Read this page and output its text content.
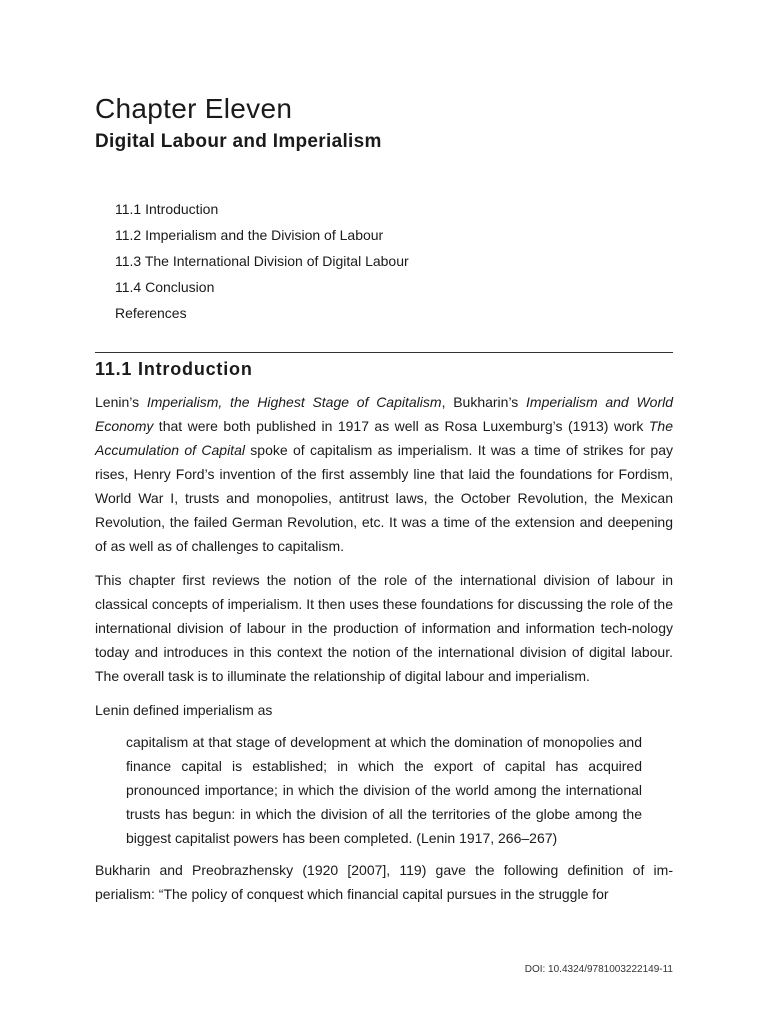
Chapter Eleven
Digital Labour and Imperialism
11.1 Introduction
11.2 Imperialism and the Division of Labour
11.3 The International Division of Digital Labour
11.4 Conclusion
References
11.1 Introduction

Lenin’s Imperialism, the Highest Stage of Capitalism, Bukharin’s Imperialism and World Economy that were both published in 1917 as well as Rosa Luxemburg’s (1913) work The Accumulation of Capital spoke of capitalism as imperialism. It was a time of strikes for pay rises, Henry Ford’s invention of the first assembly line that laid the foundations for Fordism, World War I, trusts and monopolies, antitrust laws, the October Revolution, the Mexican Revolution, the failed German Revolution, etc. It was a time of the extension and deepening of as well as of challenges to capitalism.

This chapter first reviews the notion of the role of the international division of labour in classical concepts of imperialism. It then uses these foundations for discussing the role of the international division of labour in the production of information and information tech-nology today and introduces in this context the notion of the international division of digital labour. The overall task is to illuminate the relationship of digital labour and imperialism.

Lenin defined imperialism as

capitalism at that stage of development at which the domination of monopolies and finance capital is established; in which the export of capital has acquired pronounced importance; in which the division of the world among the international trusts has begun: in which the division of all the territories of the globe among the biggest capitalist powers has been completed. (Lenin 1917, 266–267)

Bukharin and Preobrazhensky (1920 [2007], 119) gave the following definition of im-perialism: “The policy of conquest which financial capital pursues in the struggle for

DOI: 10.4324/9781003222149-11
